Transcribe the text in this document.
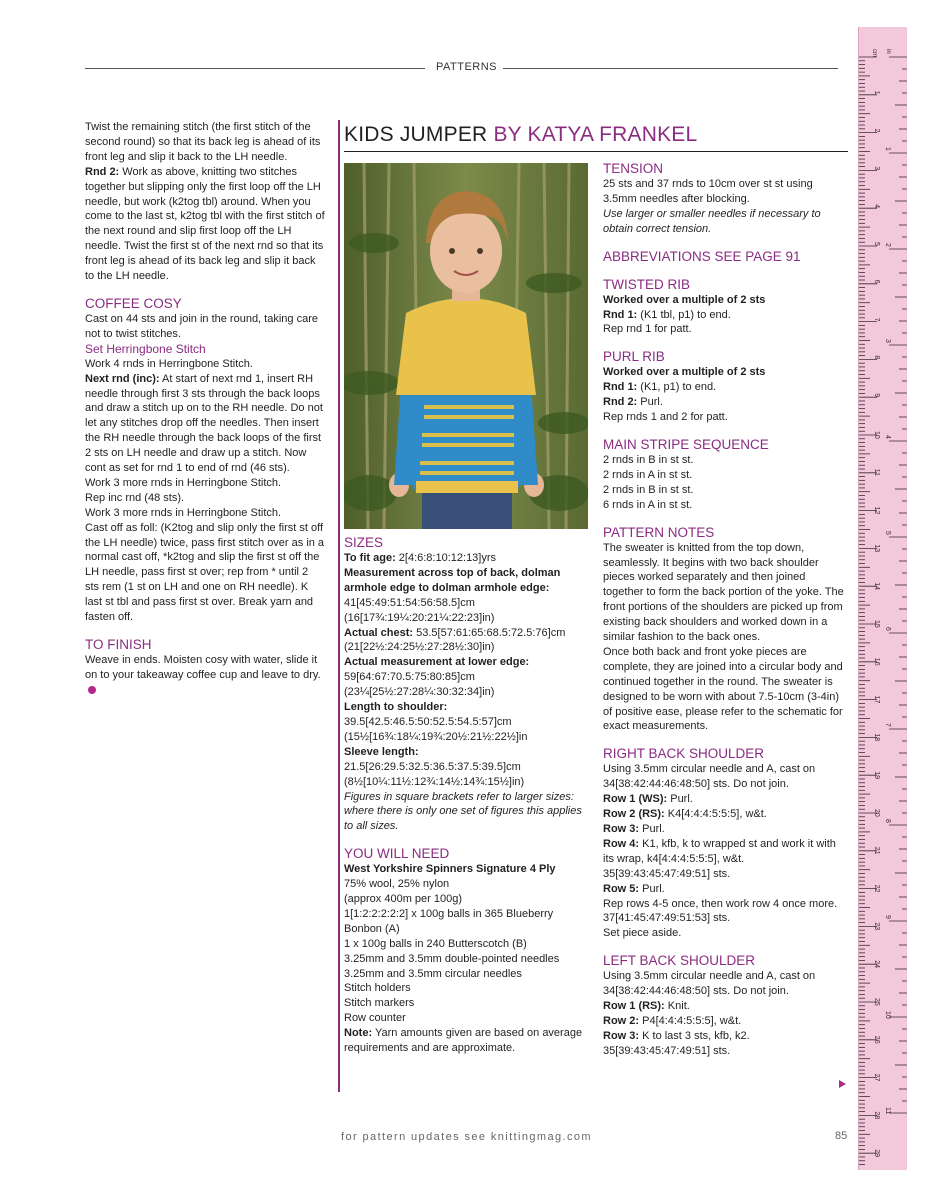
PATTERNS

Twist the remaining stitch (the first stitch of the second round) so that its back leg is ahead of its front leg and slip it back to the LH needle.

Rnd 2: Work as above, knitting two stitches together but slipping only the first loop off the LH needle, but work (k2tog tbl) around. When you come to the last st, k2tog tbl with the first stitch of the next round and slip first loop off the LH needle. Twist the first st of the next rnd so that its front leg is ahead of its back leg and slip it back to the LH needle.

COFFEE COSY

Cast on 44 sts and join in the round, taking care not to twist stitches.

Set Herringbone Stitch

Work 4 rnds in Herringbone Stitch.

Next rnd (inc): At start of next rnd 1, insert RH needle through first 3 sts through the back loops and draw a stitch up on to the RH needle. Do not let any stitches drop off the needles. Then insert the RH needle through the back loops of the first 2 sts on LH needle and draw up a stitch. Now cont as set for rnd 1 to end of rnd (46 sts).

Work 3 more rnds in Herringbone Stitch.

Rep inc rnd (48 sts).

Work 3 more rnds in Herringbone Stitch.

Cast off as foll: (K2tog and slip only the first st off the LH needle) twice, pass first stitch over as in a normal cast off, *k2tog and slip the first st off the LH needle, pass first st over; rep from * until 2 sts rem (1 st on LH and one on RH needle). K last st tbl and pass first st over. Break yarn and fasten off.

TO FINISH

Weave in ends. Moisten cosy with water, slide it on to your takeaway coffee cup and leave to dry.

KIDS JUMPER BY KATYA FRANKEL

SIZES

To fit age: 2[4:6:8:10:12:13]yrs

Measurement across top of back, dolman armhole edge to dolman armhole edge: 41[45:49:51:54:56:58.5]cm (16[17¾:19¼:20:21¼:22:23]in)

Actual chest: 53.5[57:61:65:68.5:72.5:76]cm (21[22½:24:25½:27:28½:30]in)

Actual measurement at lower edge: 59[64:67:70.5:75:80:85]cm (23¼[25½:27:28¼:30:32:34]in)

Length to shoulder:

39.5[42.5:46.5:50:52.5:54.5:57]cm (15½[16¾:18¼:19¾:20½:21½:22½]in

Sleeve length:

21.5[26:29.5:32.5:36.5:37.5:39.5]cm (8½[10¼:11½:12¾:14½:14¾:15½]in)

Figures in square brackets refer to larger sizes: where there is only one set of figures this applies to all sizes.

YOU WILL NEED

West Yorkshire Spinners Signature 4 Ply

75% wool, 25% nylon

(approx 400m per 100g)

1[1:2:2:2:2:2] x 100g balls in 365 Blueberry Bonbon (A)

1 x 100g balls in 240 Butterscotch (B)

3.25mm and 3.5mm double-pointed needles

3.25mm and 3.5mm circular needles

Stitch holders

Stitch markers

Row counter

Note: Yarn amounts given are based on average requirements and are approximate.

TENSION

25 sts and 37 rnds to 10cm over st st using 3.5mm needles after blocking.

Use larger or smaller needles if necessary to obtain correct tension.

ABBREVIATIONS SEE PAGE 91

TWISTED RIB

Worked over a multiple of 2 sts

Rnd 1: (K1 tbl, p1) to end.

Rep rnd 1 for patt.

PURL RIB

Worked over a multiple of 2 sts

Rnd 1: (K1, p1) to end.

Rnd 2: Purl.

Rep rnds 1 and 2 for patt.

MAIN STRIPE SEQUENCE

2 rnds in B in st st.

2 rnds in A in st st.

2 rnds in B in st st.

6 rnds in A in st st.

PATTERN NOTES

The sweater is knitted from the top down, seamlessly. It begins with two back shoulder pieces worked separately and then joined together to form the back portion of the yoke. The front portions of the shoulders are picked up from existing back shoulders and worked down in a similar fashion to the back ones.

Once both back and front yoke pieces are complete, they are joined into a circular body and continued together in the round. The sweater is designed to be worn with about 7.5-10cm (3-4in) of positive ease, please refer to the schematic for exact measurements.

RIGHT BACK SHOULDER

Using 3.5mm circular needle and A, cast on 34[38:42:44:46:48:50] sts. Do not join.

Row 1 (WS): Purl.

Row 2 (RS): K4[4:4:4:5:5:5], w&t.

Row 3: Purl.

Row 4: K1, kfb, k to wrapped st and work it with its wrap, k4[4:4:4:5:5:5], w&t. 35[39:43:45:47:49:51] sts.

Row 5: Purl.

Rep rows 4-5 once, then work row 4 once more. 37[41:45:47:49:51:53] sts.

Set piece aside.

LEFT BACK SHOULDER

Using 3.5mm circular needle and A, cast on 34[38:42:44:46:48:50] sts. Do not join.

Row 1 (RS): Knit.

Row 2: P4[4:4:4:5:5:5], w&t.

Row 3: K to last 3 sts, kfb, k2. 35[39:43:45:47:49:51] sts.

for pattern updates see knittingmag.com	85
cm
1
2
3
4
5
6
7
8
9
10
11
12
13
14
15
16
17
18
19
20
21
22
23
24
25
26
27
28
29
in
1
2
3
4
5
6
7
8
9
10
11
